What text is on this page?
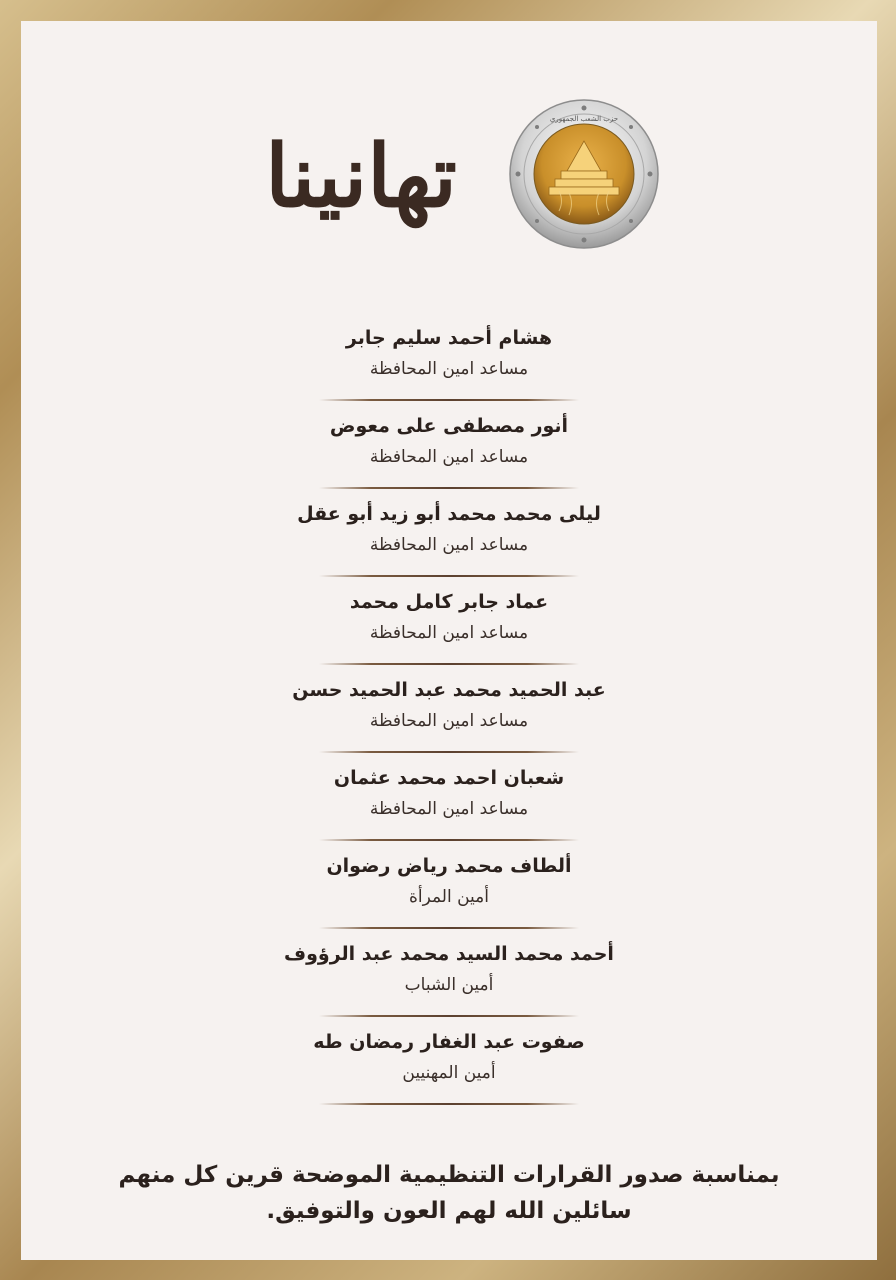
حزب الشعب الجمهوري
تهانينا
هشام أحمد سليم جابر
مساعد امين المحافظة
أنور مصطفى على معوض
مساعد امين المحافظة
ليلى محمد محمد أبو زيد أبو عقل
مساعد امين المحافظة
عماد جابر كامل محمد
مساعد امين المحافظة
عبد الحميد محمد عبد الحميد حسن
مساعد امين المحافظة
شعبان احمد محمد عثمان
مساعد امين المحافظة
ألطاف محمد رياض رضوان
أمين المرأة
أحمد محمد السيد محمد عبد الرؤوف
أمين الشباب
صفوت عبد الغفار رمضان طه
أمين المهنيين
بمناسبة صدور القرارات التنظيمية الموضحة قرين كل منهم
سائلين الله لهم العون والتوفيق.
